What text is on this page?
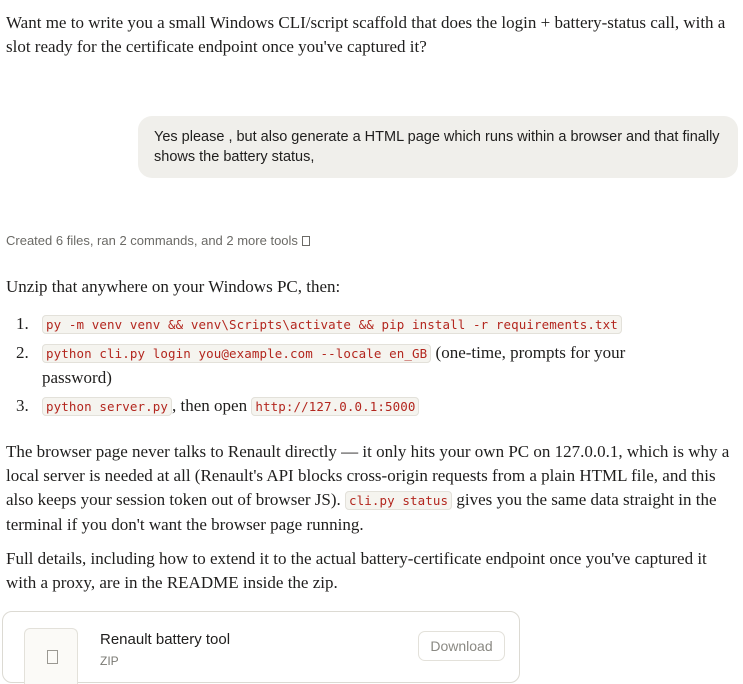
Want me to write you a small Windows CLI/script scaffold that does the login + battery-status call, with a slot ready for the certificate endpoint once you've captured it?

Yes please , but also generate a HTML page which runs within a browser and that finally shows the battery status,
Created 6 files, ran 2 commands, and 2 more tools

Unzip that anywhere on your Windows PC, then:

1. py -m venv venv && venv\Scripts\activate && pip install -r requirements.txt
2. python cli.py login you@example.com --locale en_GB (one-time, prompts for your password)
3. python server.py , then open http://127.0.0.1:5000

The browser page never talks to Renault directly — it only hits your own PC on 127.0.0.1, which is why a local server is needed at all (Renault's API blocks cross-origin requests from a plain HTML file, and this also keeps your session token out of browser JS). cli.py status gives you the same data straight in the terminal if you don't want the browser page running.

Full details, including how to extend it to the actual battery-certificate endpoint once you've captured it with a proxy, are in the README inside the zip.

Renault battery tool
ZIP
Download
